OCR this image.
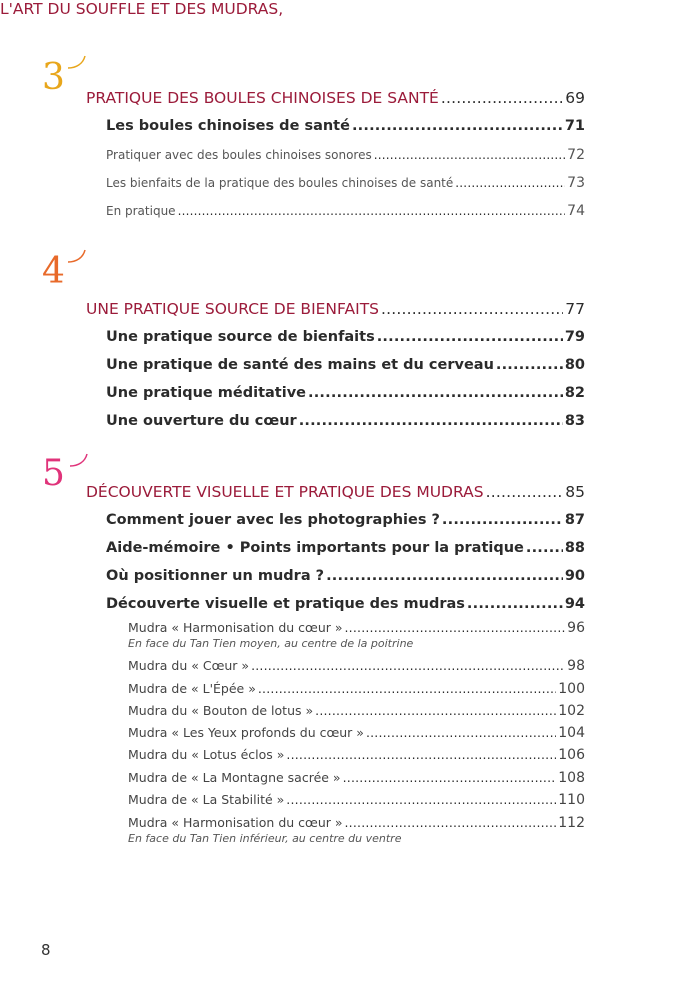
3 PRATIQUE DES BOULES CHINOISES DE SANTÉ .....	69
Les boules chinoises de santé .....	71
Pratiquer avec des boules chinoises sonores .....	72
Les bienfaits de la pratique des boules chinoises de santé .....	73
En pratique .....	74
4
L'ART DU SOUFFLE ET DES MUDRAS,
UNE PRATIQUE SOURCE DE BIENFAITS .....	77
Une pratique source de bienfaits .....	79
Une pratique de santé des mains et du cerveau .....	80
Une pratique méditative .....	82
Une ouverture du cœur .....	83
5 DÉCOUVERTE VISUELLE ET PRATIQUE DES MUDRAS .....	85
Comment jouer avec les photographies ? .....	87
Aide-mémoire • Points importants pour la pratique .....	88
Où positionner un mudra ? .....	90
Découverte visuelle et pratique des mudras .....	94
Mudra « Harmonisation du cœur » .....	96
En face du Tan Tien moyen, au centre de la poitrine
Mudra du « Cœur » .....	98
Mudra de « L'Épée » .....	100
Mudra du « Bouton de lotus » .....	102
Mudra « Les Yeux profonds du cœur » .....	104
Mudra du « Lotus éclos » .....	106
Mudra de « La Montagne sacrée » .....	108
Mudra de « La Stabilité » .....	110
Mudra « Harmonisation du cœur » .....	112
En face du Tan Tien inférieur, au centre du ventre
8
